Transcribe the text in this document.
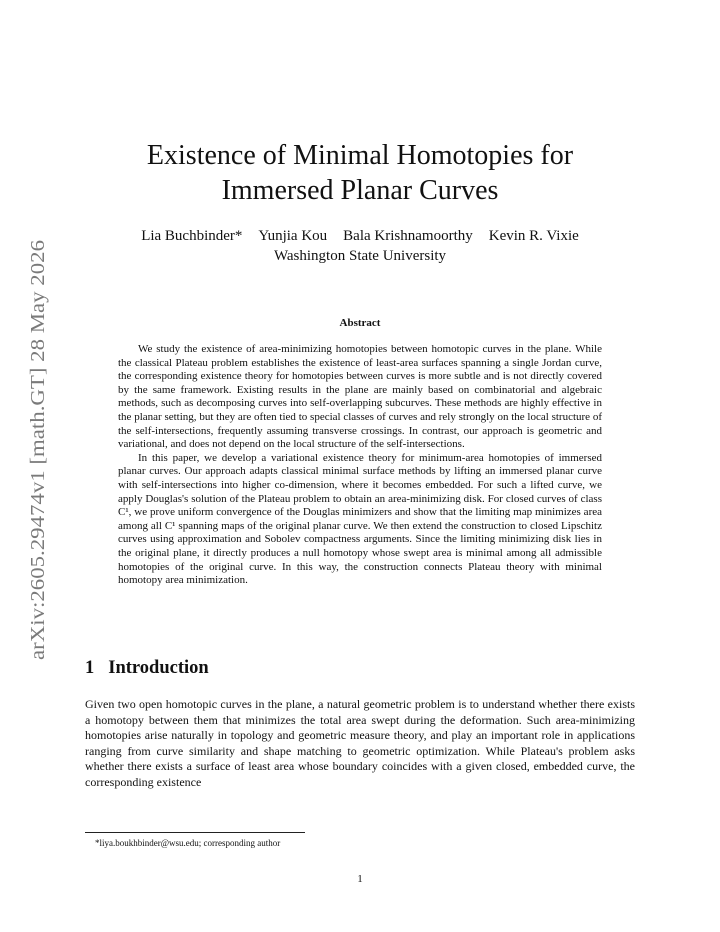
arXiv:2605.29474v1 [math.GT] 28 May 2026
Existence of Minimal Homotopies for
Immersed Planar Curves
Lia Buchbinder* Yunjia Kou Bala Krishnamoorthy Kevin R. Vixie
Washington State University
Abstract

We study the existence of area-minimizing homotopies between homotopic curves in the plane. While the classical Plateau problem establishes the existence of least-area surfaces spanning a single Jordan curve, the corresponding existence theory for homotopies between curves is more subtle and is not directly covered by the same framework. Existing results in the plane are mainly based on combinatorial and algebraic methods, such as decomposing curves into self-overlapping subcurves. These methods are highly effective in the planar setting, but they are often tied to special classes of curves and rely strongly on the local structure of the self-intersections, frequently assuming transverse crossings. In contrast, our approach is geometric and variational, and does not depend on the local structure of the self-intersections.

In this paper, we develop a variational existence theory for minimum-area homotopies of immersed planar curves. Our approach adapts classical minimal surface methods by lifting an immersed planar curve with self-intersections into higher co-dimension, where it becomes embedded. For such a lifted curve, we apply Douglas's solution of the Plateau problem to obtain an area-minimizing disk. For closed curves of class C¹, we prove uniform convergence of the Douglas minimizers and show that the limiting map minimizes area among all C¹ spanning maps of the original planar curve. We then extend the construction to closed Lipschitz curves using approximation and Sobolev compactness arguments. Since the limiting minimizing disk lies in the original plane, it directly produces a null homotopy whose swept area is minimal among all admissible homotopies of the original curve. In this way, the construction connects Plateau theory with minimal homotopy area minimization.

1 Introduction

Given two open homotopic curves in the plane, a natural geometric problem is to understand whether there exists a homotopy between them that minimizes the total area swept during the deformation. Such area-minimizing homotopies arise naturally in topology and geometric measure theory, and play an important role in applications ranging from curve similarity and shape matching to geometric optimization. While Plateau's problem asks whether there exists a surface of least area whose boundary coincides with a given closed, embedded curve, the corresponding existence

*liya.boukhbinder@wsu.edu; corresponding author
1
